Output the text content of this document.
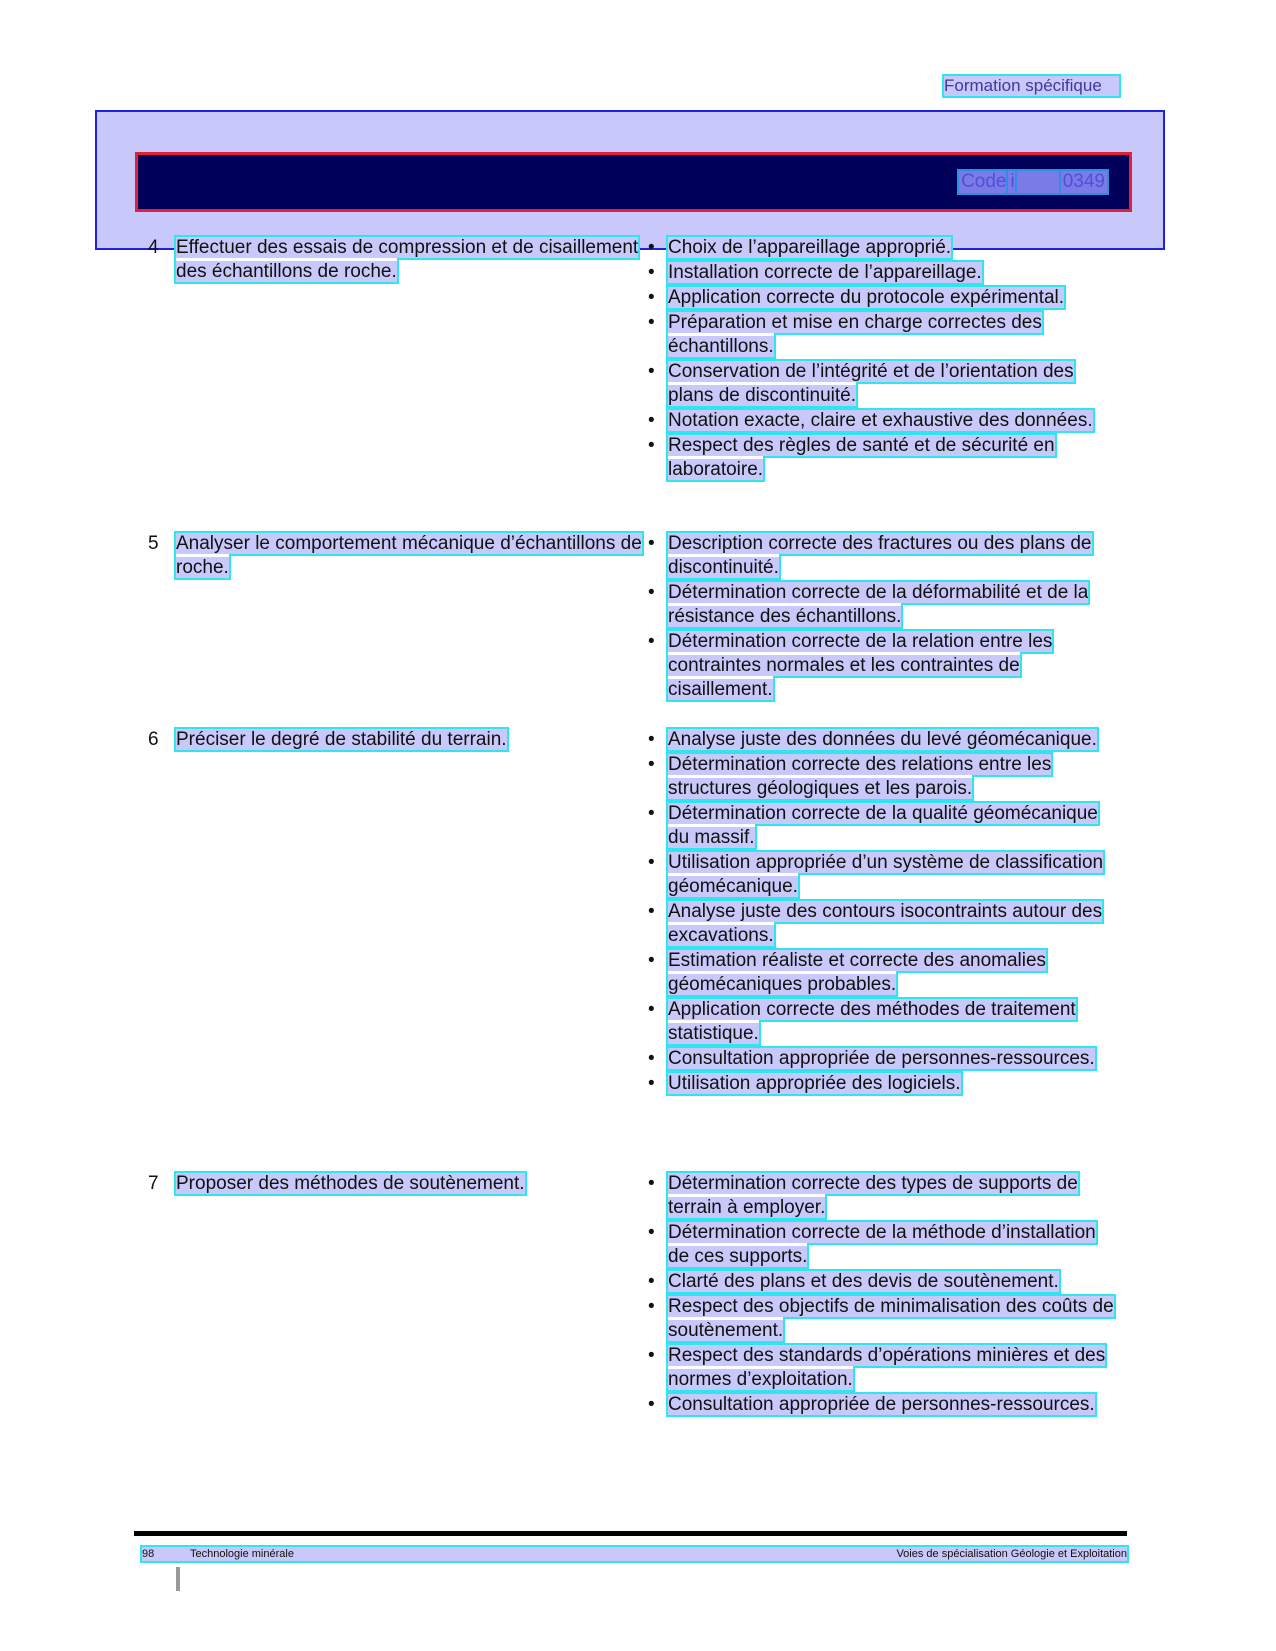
Formation spécifique
Code i	0349
4 Effectuer des essais de compression et de cisaillement des échantillons de roche.
• Choix de l’appareillage approprié.
• Installation correcte de l’appareillage.
• Application correcte du protocole expérimental.
• Préparation et mise en charge correctes des échantillons.
• Conservation de l’intégrité et de l’orientation des plans de discontinuité.
• Notation exacte, claire et exhaustive des données.
• Respect des règles de santé et de sécurité en laboratoire.
5 Analyser le comportement mécanique d’échantillons de roche.
• Description correcte des fractures ou des plans de discontinuité.
• Détermination correcte de la déformabilité et de la résistance des échantillons.
• Détermination correcte de la relation entre les contraintes normales et les contraintes de cisaillement.
6 Préciser le degré de stabilité du terrain.	• Analyse juste des données du levé géomécanique.
• Détermination correcte des relations entre les structures géologiques et les parois.
• Détermination correcte de la qualité géomécanique du massif.
• Utilisation appropriée d’un système de classification géomécanique.
• Analyse juste des contours isocontraints autour des excavations.
• Estimation réaliste et correcte des anomalies géomécaniques probables.
• Application correcte des méthodes de traitement statistique.
• Consultation appropriée de personnes-ressources.
• Utilisation appropriée des logiciels.
7 Proposer des méthodes de soutènement.	• Détermination correcte des types de supports de terrain à employer.
• Détermination correcte de la méthode d’installation de ces supports.
• Clarté des plans et des devis de soutènement.
• Respect des objectifs de minimalisation des coûts de soutènement.
• Respect des standards d’opérations minières et des normes d’exploitation.
• Consultation appropriée de personnes-ressources.
98	Technologie minérale	Voies de spécialisation Géologie et Exploitation
